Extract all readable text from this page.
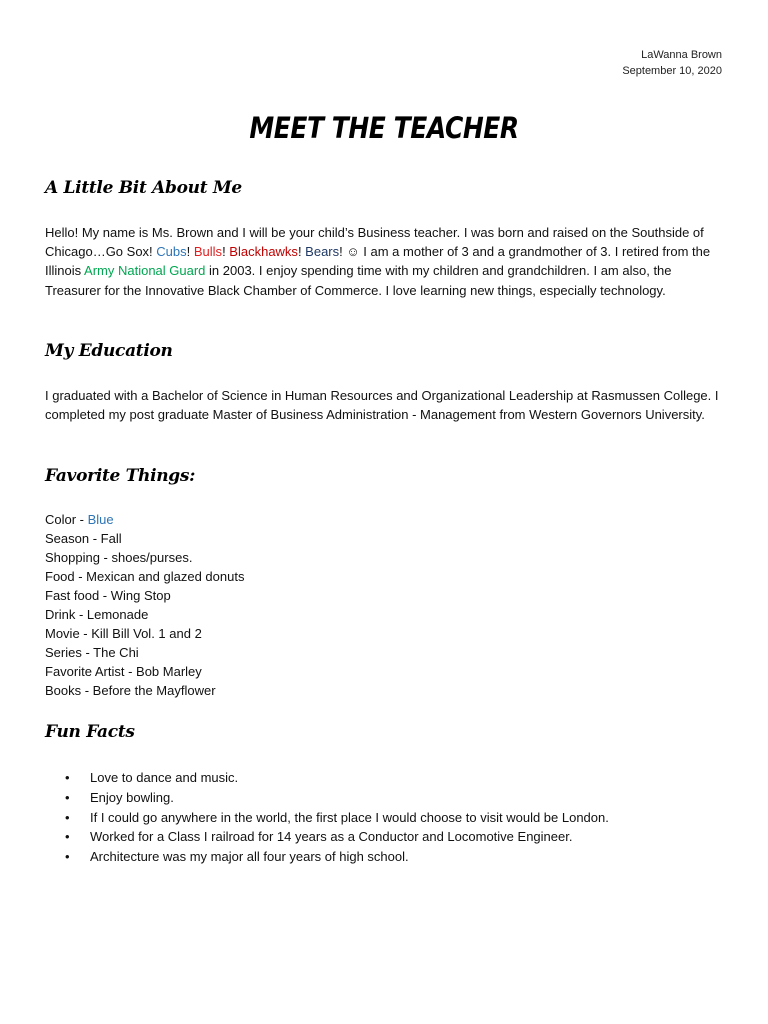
LaWanna Brown
September 10, 2020
MEET THE TEACHER
A Little Bit About Me
Hello! My name is Ms. Brown and I will be your child’s Business teacher. I was born and raised on the Southside of Chicago…Go Sox! Cubs! Bulls! Blackhawks! Bears! ☺ I am a mother of 3 and a grandmother of 3. I retired from the Illinois Army National Guard in 2003. I enjoy spending time with my children and grandchildren. I am also, the Treasurer for the Innovative Black Chamber of Commerce. I love learning new things, especially technology.
My Education
I graduated with a Bachelor of Science in Human Resources and Organizational Leadership at Rasmussen College. I completed my post graduate Master of Business Administration - Management from Western Governors University.
Favorite Things:
Color - Blue
Season - Fall
Shopping - shoes/purses.
Food - Mexican and glazed donuts
Fast food - Wing Stop
Drink - Lemonade
Movie - Kill Bill Vol. 1 and 2
Series - The Chi
Favorite Artist - Bob Marley
Books - Before the Mayflower
Fun Facts
• Love to dance and music.
• Enjoy bowling.
• If I could go anywhere in the world, the first place I would choose to visit would be London.
• Worked for a Class I railroad for 14 years as a Conductor and Locomotive Engineer.
• Architecture was my major all four years of high school.
